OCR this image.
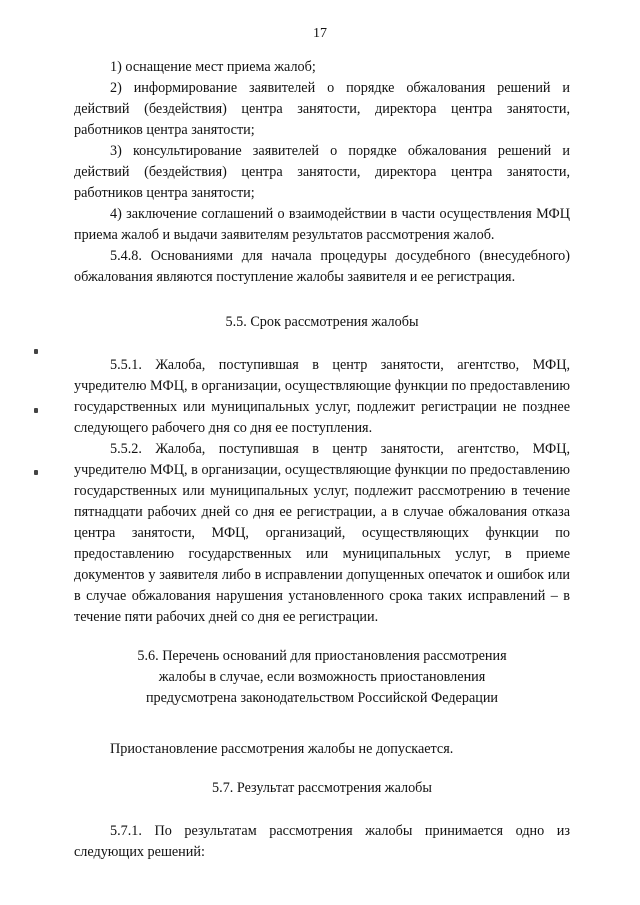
17

1) оснащение мест приема жалоб;

2) информирование заявителей о порядке обжалования решений и действий (бездействия) центра занятости, директора центра занятости, работников центра занятости;

3) консультирование заявителей о порядке обжалования решений и действий (бездействия) центра занятости, директора центра занятости, работников центра занятости;

4) заключение соглашений о взаимодействии в части осуществления МФЦ приема жалоб и выдачи заявителям результатов рассмотрения жалоб.

5.4.8. Основаниями для начала процедуры досудебного (внесудебного) обжалования являются поступление жалобы заявителя и ее регистрация.

5.5. Срок рассмотрения жалобы

5.5.1. Жалоба, поступившая в центр занятости, агентство, МФЦ, учредителю МФЦ, в организации, осуществляющие функции по предоставлению государственных или муниципальных услуг, подлежит регистрации не позднее следующего рабочего дня со дня ее поступления.

5.5.2. Жалоба, поступившая в центр занятости, агентство, МФЦ, учредителю МФЦ, в организации, осуществляющие функции по предоставлению государственных или муниципальных услуг, подлежит рассмотрению в течение пятнадцати рабочих дней со дня ее регистрации, а в случае обжалования отказа центра занятости, МФЦ, организаций, осуществляющих функции по предоставлению государственных или муниципальных услуг, в приеме документов у заявителя либо в исправлении допущенных опечаток и ошибок или в случае обжалования нарушения установленного срока таких исправлений – в течение пяти рабочих дней со дня ее регистрации.

5.6. Перечень оснований для приостановления рассмотрения
жалобы в случае, если возможность приостановления
предусмотрена законодательством Российской Федерации

Приостановление рассмотрения жалобы не допускается.

5.7. Результат рассмотрения жалобы

5.7.1. По результатам рассмотрения жалобы принимается одно из следующих решений:
